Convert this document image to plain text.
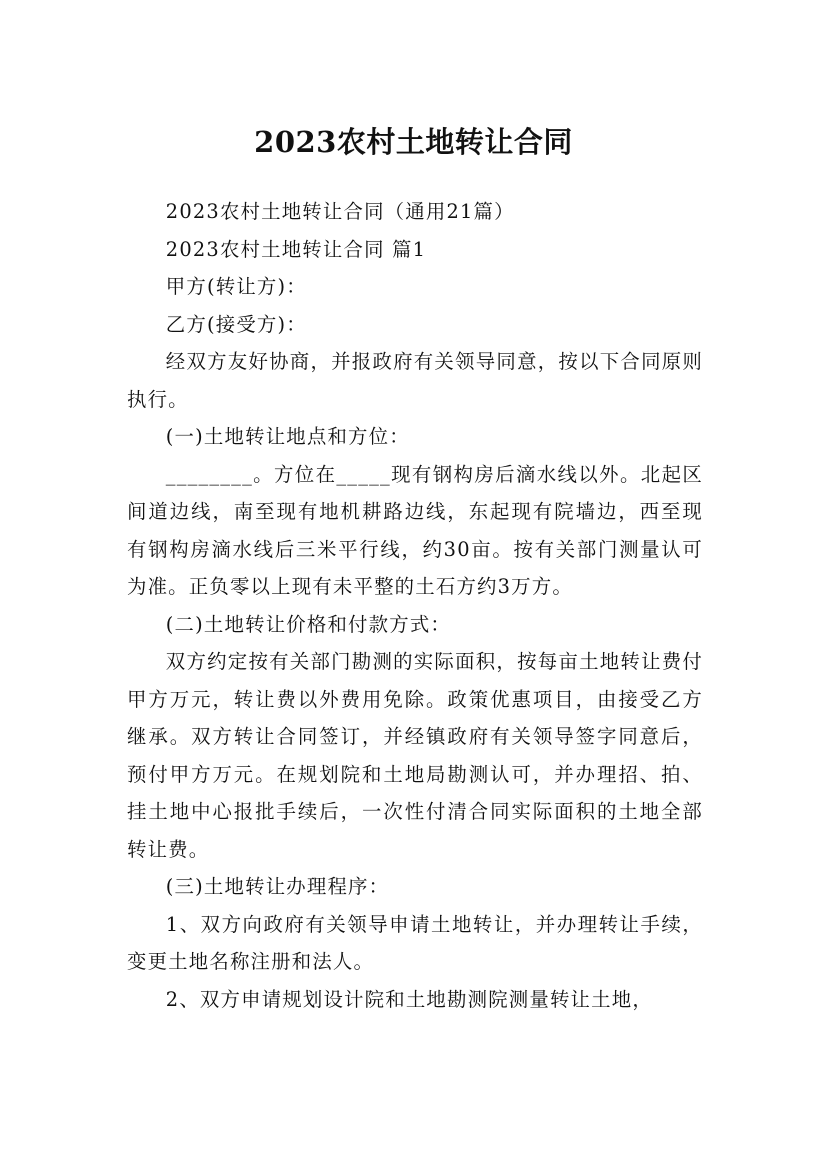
2023农村土地转让合同

2023农村土地转让合同（通用21篇）

2023农村土地转让合同 篇1

甲方(转让方)：

乙方(接受方)：

经双方友好协商，并报政府有关领导同意，按以下合同原则执行。

(一)土地转让地点和方位：

________。方位在_____现有钢构房后滴水线以外。北起区间道边线，南至现有地机耕路边线，东起现有院墙边，西至现有钢构房滴水线后三米平行线，约30亩。按有关部门测量认可为准。正负零以上现有未平整的土石方约3万方。

(二)土地转让价格和付款方式：

双方约定按有关部门勘测的实际面积，按每亩土地转让费付甲方万元，转让费以外费用免除。政策优惠项目，由接受乙方继承。双方转让合同签订，并经镇政府有关领导签字同意后，预付甲方万元。在规划院和土地局勘测认可，并办理招、拍、挂土地中心报批手续后，一次性付清合同实际面积的土地全部转让费。

(三)土地转让办理程序：

1、双方向政府有关领导申请土地转让，并办理转让手续，变更土地名称注册和法人。

2、双方申请规划设计院和土地勘测院测量转让土地，
